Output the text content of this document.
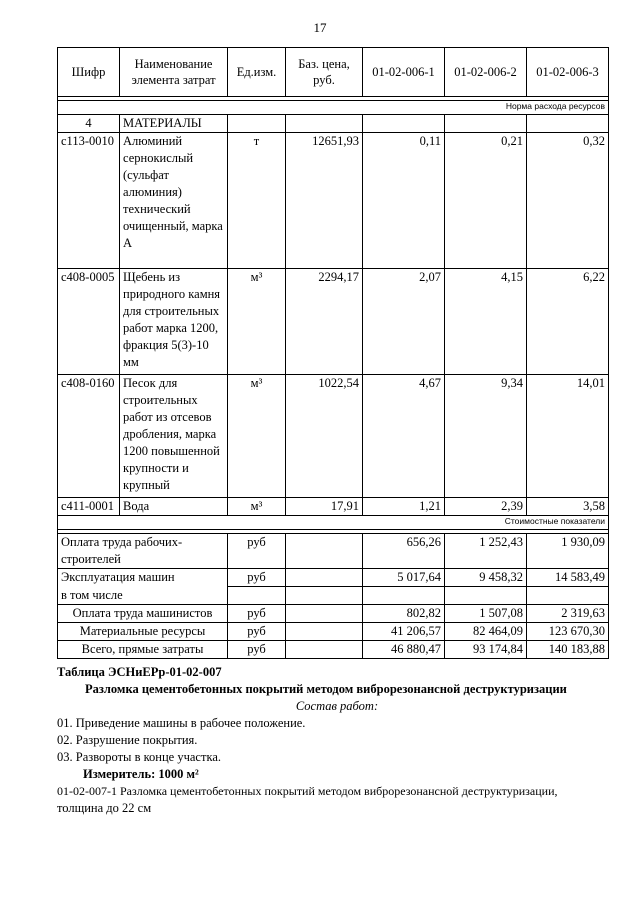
17
Шифр	Наименование элемента затрат	Ед.изм.	Баз. цена, руб.	01-02-006-1	01-02-006-2	01-02-006-3

Норма расхода ресурсов						
4	МАТЕРИАЛЫ					
с113-0010	Алюминий сернокислый (сульфат алюминия) технический очищенный, марка А	т	12651,93	0,11	0,21	0,32
с408-0005	Щебень из природного камня для строительных работ марка 1200, фракция 5(3)-10 мм	м³	2294,17	2,07	4,15	6,22
с408-0160	Песок для строительных работ из отсевов дробления, марка 1200 повышенной крупности и крупный	м³	1022,54	4,67	9,34	14,01
с411-0001	Вода	м³	17,91	1,21	2,39	3,58
Стоимостные показатели						

Оплата труда рабочих-строителей		руб		656,26	1 252,43	1 930,09
Эксплуатация машин		руб		5 017,64	9 458,32	14 583,49
в том числе						
Оплата труда машинистов		руб		802,82	1 507,08	2 319,63
Материальные ресурсы		руб		41 206,57	82 464,09	123 670,30
Всего, прямые затраты		руб		46 880,47	93 174,84	140 183,88
Таблица ЭСНиЕРр-01-02-007
Разломка цементобетонных покрытий методом виброрезонансной деструктуризации
Состав работ:
01. Приведение машины в рабочее положение.
02. Разрушение покрытия.
03. Развороты в конце участка.
Измеритель: 1000 м²
01-02-007-1 Разломка цементобетонных покрытий методом виброрезонансной деструктуризации,
толщина до 22 см
